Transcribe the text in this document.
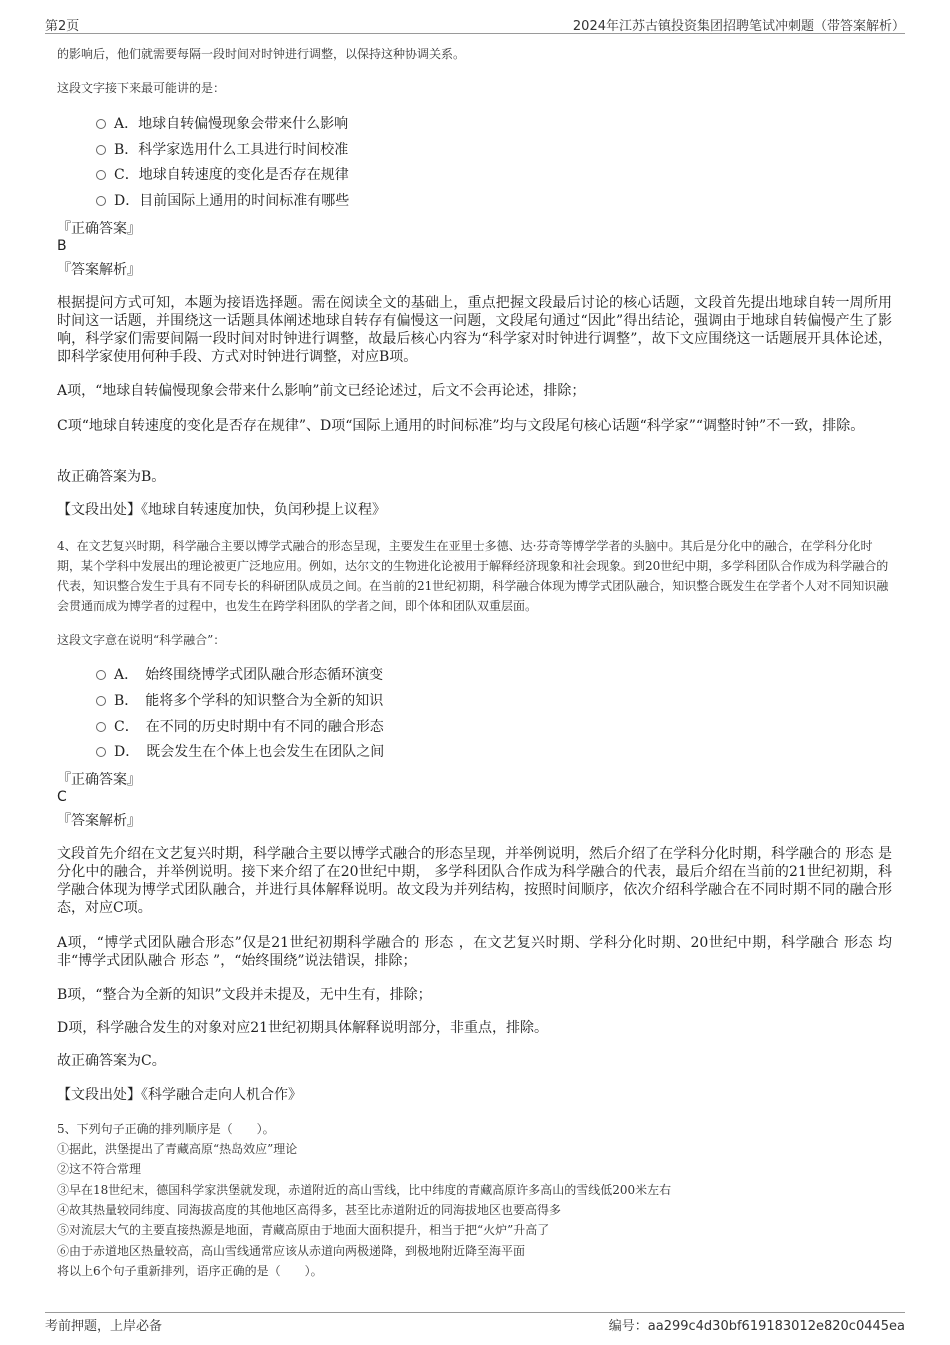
第2页	2024年江苏古镇投资集团招聘笔试冲刺题（带答案解析）
的影响后，他们就需要每隔一段时间对时钟进行调整，以保持这种协调关系。
这段文字接下来最可能讲的是：
A．地球自转偏慢现象会带来什么影响
B．科学家选用什么工具进行时间校准
C．地球自转速度的变化是否存在规律
D．目前国际上通用的时间标准有哪些
『正确答案』
B
『答案解析』
根据提问方式可知，本题为接语选择题。需在阅读全文的基础上，重点把握文段最后讨论的核心话题，文段首先提出地球自转一周所用时间这一话题，并围绕这一话题具体阐述地球自转存有偏慢这一问题，文段尾句通过“因此”得出结论，强调由于地球自转偏慢产生了影响，科学家们需要间隔一段时间对时钟进行调整，故最后核心内容为“科学家对时钟进行调整”，故下文应围绕这一话题展开具体论述，即科学家使用何种手段、方式对时钟进行调整，对应B项。
A项，“地球自转偏慢现象会带来什么影响”前文已经论述过，后文不会再论述，排除；
C项“地球自转速度的变化是否存在规律”、D项“国际上通用的时间标准”均与文段尾句核心话题“科学家”“调整时钟”不一致，排除。
故正确答案为B。
【文段出处】《地球自转速度加快，负闰秒提上议程》
4、在文艺复兴时期，科学融合主要以博学式融合的形态呈现，主要发生在亚里士多德、达·芬奇等博学学者的头脑中。其后是分化中的融合，在学科分化时期，某个学科中发展出的理论被更广泛地应用。例如，达尔文的生物进化论被用于解释经济现象和社会现象。到20世纪中期，多学科团队合作成为科学融合的代表，知识整合发生于具有不同专长的科研团队成员之间。在当前的21世纪初期，科学融合体现为博学式团队融合，知识整合既发生在学者个人对不同知识融会贯通而成为博学者的过程中，也发生在跨学科团队的学者之间，即个体和团队双重层面。
这段文字意在说明“科学融合”：
A．　始终围绕博学式团队融合形态循环演变
B．　能将多个学科的知识整合为全新的知识
C．　在不同的历史时期中有不同的融合形态
D．　既会发生在个体上也会发生在团队之间
『正确答案』
C
『答案解析』
文段首先介绍在文艺复兴时期，科学融合主要以博学式融合的形态呈现，并举例说明，然后介绍了在学科分化时期，科学融合的 形态 是分化中的融合，并举例说明。接下来介绍了在20世纪中期， 多学科团队合作成为科学融合的代表，最后介绍在当前的21世纪初期，科学融合体现为博学式团队融合，并进行具体解释说明。故文段为并列结构，按照时间顺序，依次介绍科学融合在不同时期不同的融合形态，对应C项。
A项，“博学式团队融合形态”仅是21世纪初期科学融合的 形态 ，在文艺复兴时期、学科分化时期、20世纪中期，科学融合 形态 均非“博学式团队融合 形态 ”，“始终围绕”说法错误，排除；
B项，“整合为全新的知识”文段并未提及，无中生有，排除；
D项，科学融合发生的对象对应21世纪初期具体解释说明部分，非重点，排除。
故正确答案为C。
【文段出处】《科学融合走向人机合作》
5、下列句子正确的排列顺序是（　　）。
①据此，洪堡提出了青藏高原“热岛效应”理论
②这不符合常理
③早在18世纪末，德国科学家洪堡就发现，赤道附近的高山雪线，比中纬度的青藏高原许多高山的雪线低200米左右
④故其热量较同纬度、同海拔高度的其他地区高得多，甚至比赤道附近的同海拔地区也要高得多
⑤对流层大气的主要直接热源是地面，青藏高原由于地面大面积提升，相当于把“火炉”升高了
⑥由于赤道地区热量较高，高山雪线通常应该从赤道向两极递降，到极地附近降至海平面
将以上6个句子重新排列，语序正确的是（　　）。
考前押题，上岸必备	编号：aa299c4d30bf619183012e820c0445ea
